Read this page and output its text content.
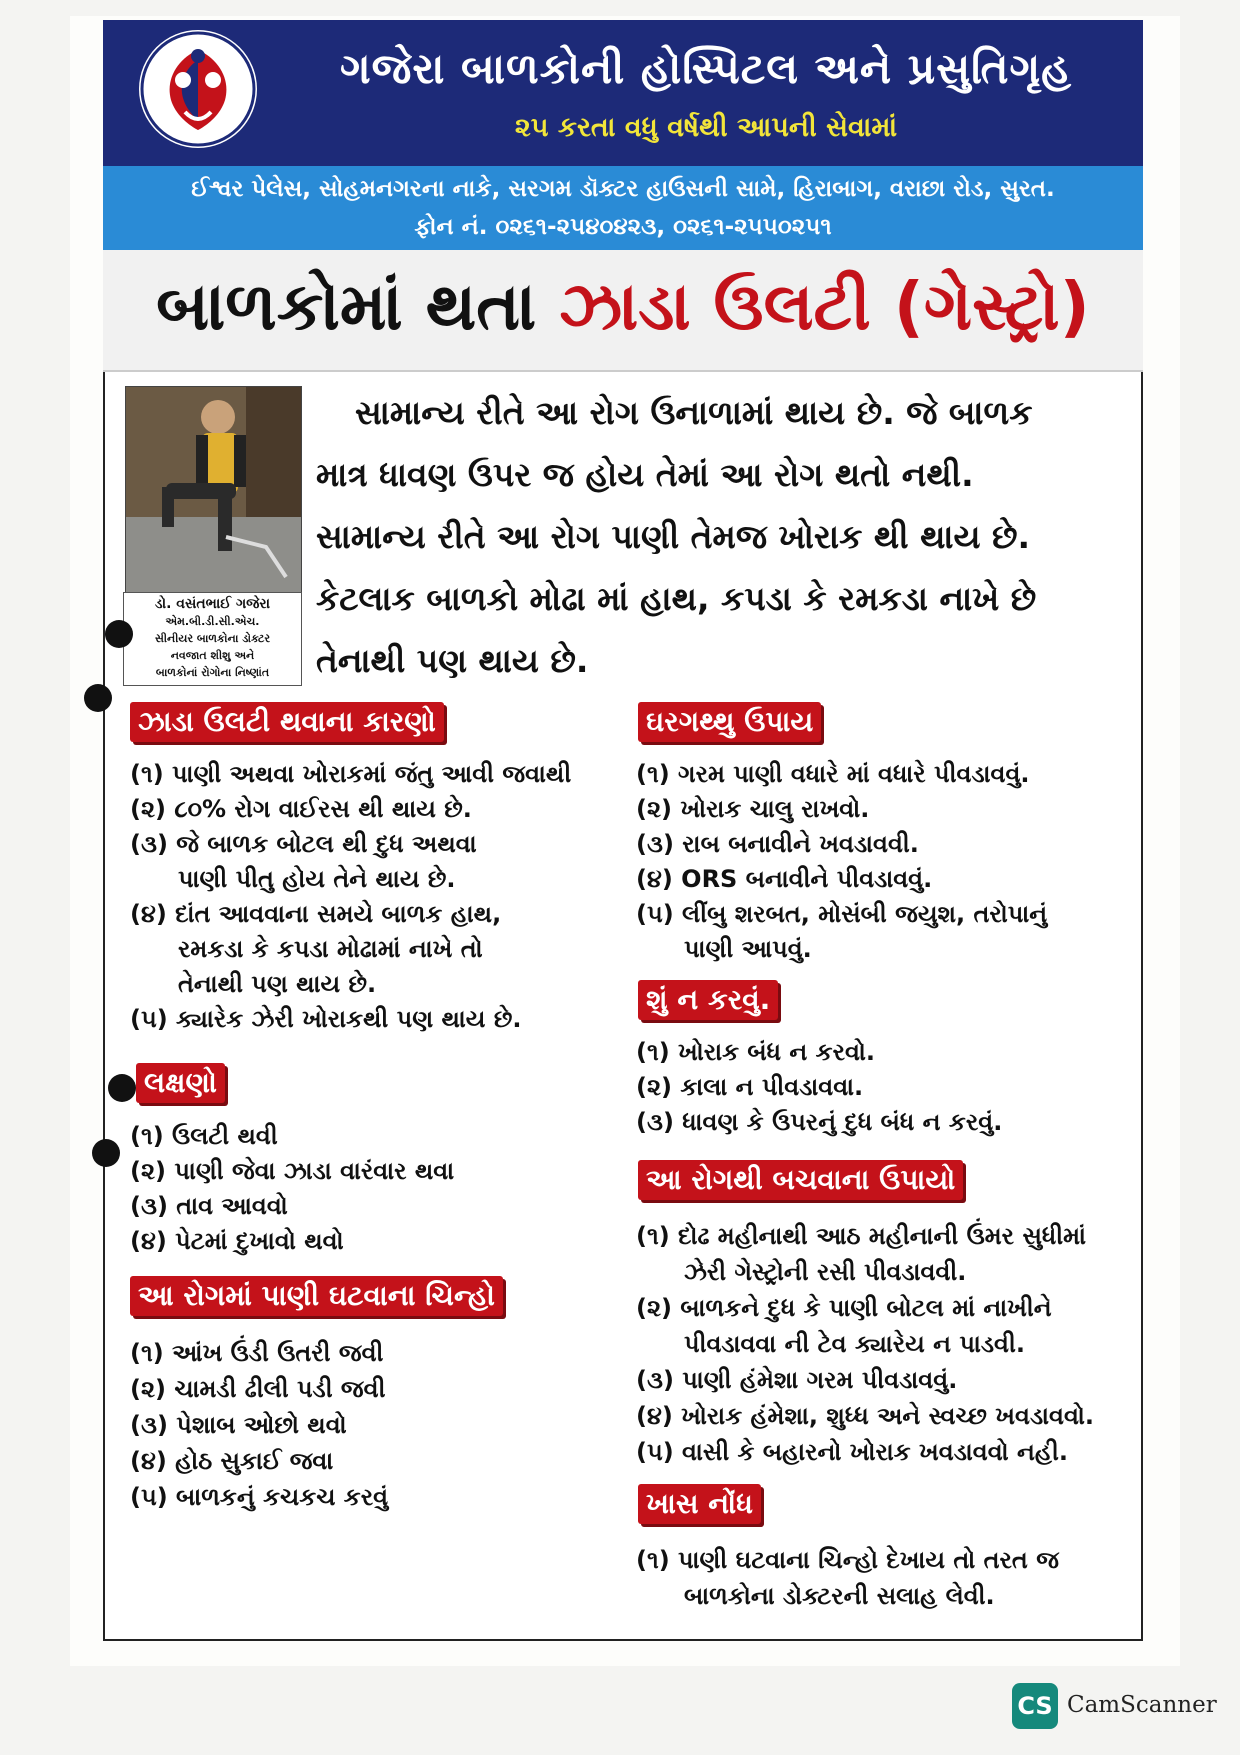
ગજેરા બાળકોની હોસ્પિટલ અને પ્રસુતિગૃહ
૨૫ કરતા વધુ વર્ષથી આપની સેવામાં
ઈશ્વર પેલેસ, સોહમનગરના નાકે, સરગમ ડૉક્ટર હાઉસની સામે, હિરાબાગ, વરાછા રોડ, સુરત.
ફોન નં. ૦૨૬૧-૨૫૪૦૪૨૩, ૦૨૬૧-૨૫૫૦૨૫૧
બાળકોમાં થતા ઝાડા ઉલટી (ગેસ્ટ્રો)
ડો. વસંતભાઈ ગજેરા
એમ.બી.ડી.સી.એચ.
સીનીયર બાળકોના ડોક્ટર
નવજાત શીશુ અને
બાળકોનાં રોગોના નિષ્ણાંત
સામાન્ય રીતે આ રોગ ઉનાળામાં થાય છે. જે બાળક
માત્ર ધાવણ ઉપર જ હોય તેમાં આ રોગ થતો નથી.
સામાન્ય રીતે આ રોગ પાણી તેમજ ખોરાક થી થાય છે.
કેટલાક બાળકો મોઢા માં હાથ, કપડા કે રમકડા નાખે છે
તેનાથી પણ થાય છે.
ઝાડા ઉલટી થવાના કારણો
(૧) પાણી અથવા ખોરાકમાં જંતુ આવી જવાથી
(૨) ૮૦% રોગ વાઈરસ થી થાય છે.
(૩) જે બાળક બોટલ થી દુધ અથવા
પાણી પીતુ હોય તેને થાય છે.
(૪) દાંત આવવાના સમયે બાળક હાથ,
રમકડા કે કપડા મોઢામાં નાખે તો
તેનાથી પણ થાય છે.
(૫) ક્યારેક ઝેરી ખોરાકથી પણ થાય છે.
લક્ષણો
(૧) ઉલટી થવી
(૨) પાણી જેવા ઝાડા વારંવાર થવા
(૩) તાવ આવવો
(૪) પેટમાં દુખાવો થવો
આ રોગમાં પાણી ઘટવાના ચિન્હો
(૧) આંખ ઉંડી ઉતરી જવી
(૨) ચામડી ઢીલી પડી જવી
(૩) પેશાબ ઓછો થવો
(૪) હોઠ સુકાઈ જવા
(૫) બાળકનું કચકચ કરવું
ઘરગથ્થુ ઉપાય
(૧) ગરમ પાણી વધારે માં વધારે પીવડાવવું.
(૨) ખોરાક ચાલુ રાખવો.
(૩) રાબ બનાવીને ખવડાવવી.
(૪) ORS બનાવીને પીવડાવવું.
(૫) લીંબુ શરબત, મોસંબી જયુશ, તરોપાનું
પાણી આપવું.
શું ન કરવું.
(૧) ખોરાક બંધ ન કરવો.
(૨) કાલા ન પીવડાવવા.
(૩) ધાવણ કે ઉપરનું દુધ બંધ ન કરવું.
આ રોગથી બચવાના ઉપાયો
(૧) દોઢ મહીનાથી આઠ મહીનાની ઉંમર સુધીમાં
ઝેરી ગેસ્ટ્રોની રસી પીવડાવવી.
(૨) બાળકને દુધ કે પાણી બોટલ માં નાખીને
પીવડાવવા ની ટેવ ક્યારેય ન પાડવી.
(૩) પાણી હંમેશા ગરમ પીવડાવવું.
(૪) ખોરાક હંમેશા, શુધ્ધ અને સ્વચ્છ ખવડાવવો.
(૫) વાસી કે બહારનો ખોરાક ખવડાવવો નહી.
ખાસ નોંધ
(૧) પાણી ઘટવાના ચિન્હો દેખાય તો તરત જ
બાળકોના ડોક્ટરની સલાહ લેવી.
CS CamScanner
